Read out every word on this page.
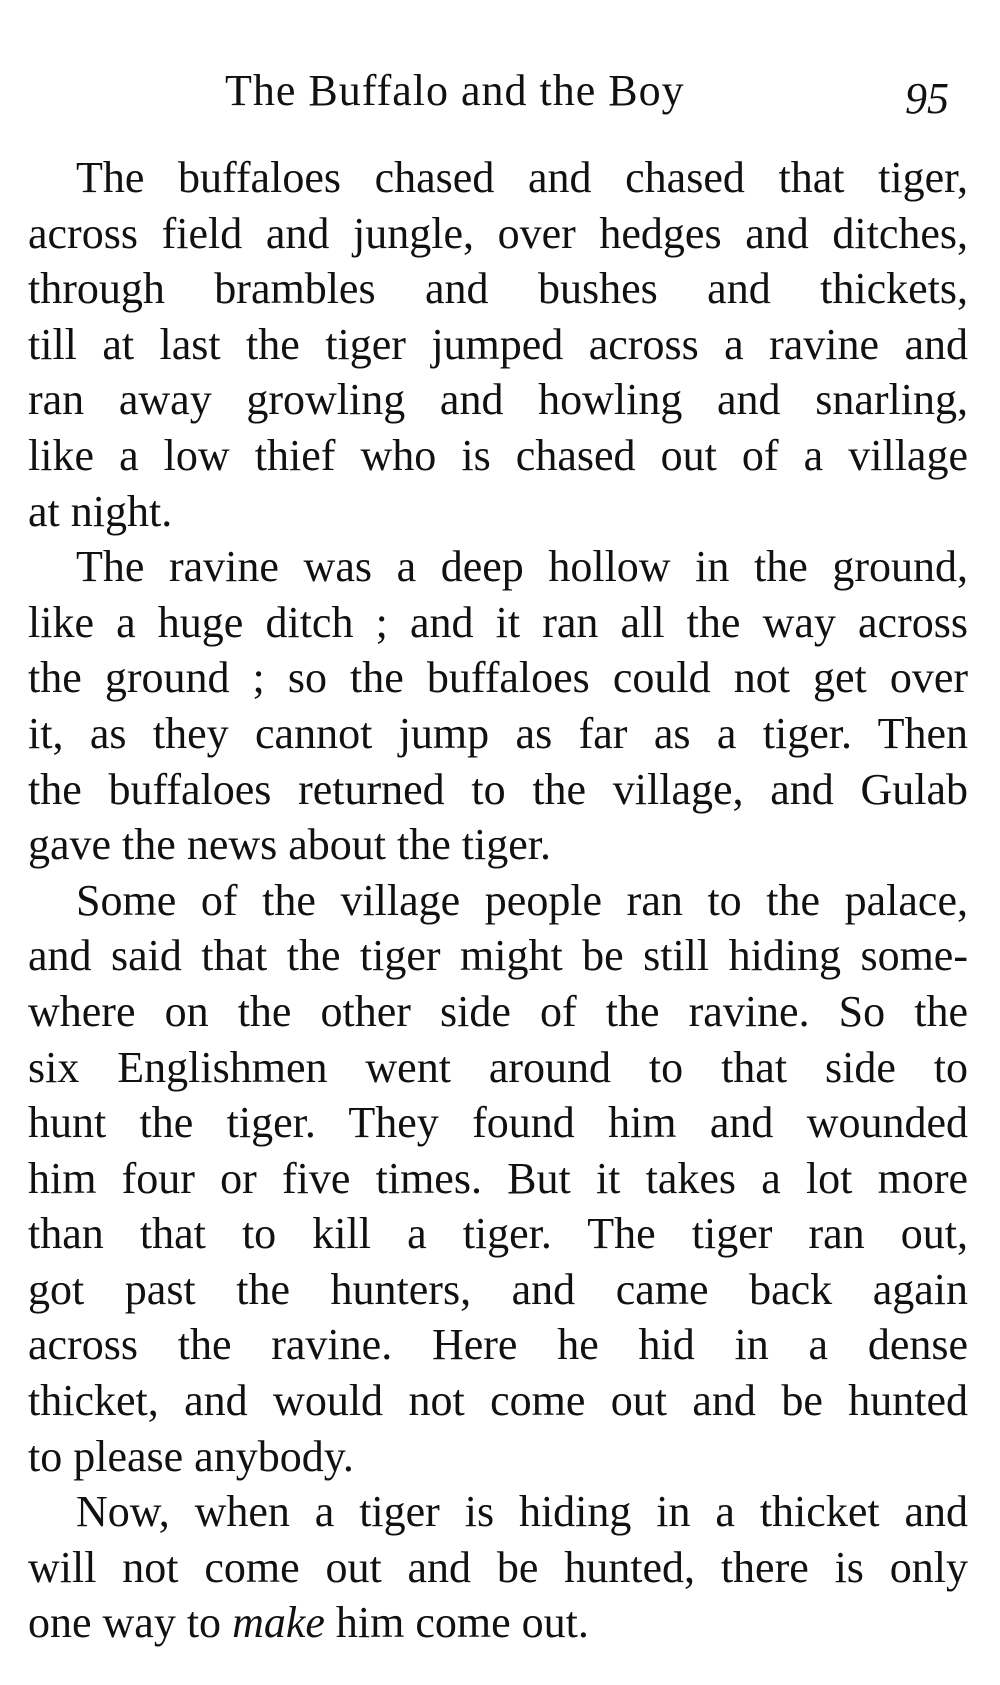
The Buffalo and the Boy	95
The buffaloes chased and chased that tiger,
across field and jungle, over hedges and ditches,
through brambles and bushes and thickets,
till at last the tiger jumped across a ravine and
ran away growling and howling and snarling,
like a low thief who is chased out of a village
at night.
The ravine was a deep hollow in the ground,
like a huge ditch ; and it ran all the way across
the ground ; so the buffaloes could not get over
it, as they cannot jump as far as a tiger. Then
the buffaloes returned to the village, and Gulab
gave the news about the tiger.
Some of the village people ran to the palace,
and said that the tiger might be still hiding some-
where on the other side of the ravine. So the
six Englishmen went around to that side to
hunt the tiger. They found him and wounded
him four or five times. But it takes a lot more
than that to kill a tiger. The tiger ran out,
got past the hunters, and came back again
across the ravine. Here he hid in a dense
thicket, and would not come out and be hunted
to please anybody.
Now, when a tiger is hiding in a thicket and
will not come out and be hunted, there is only
one way to make him come out.
